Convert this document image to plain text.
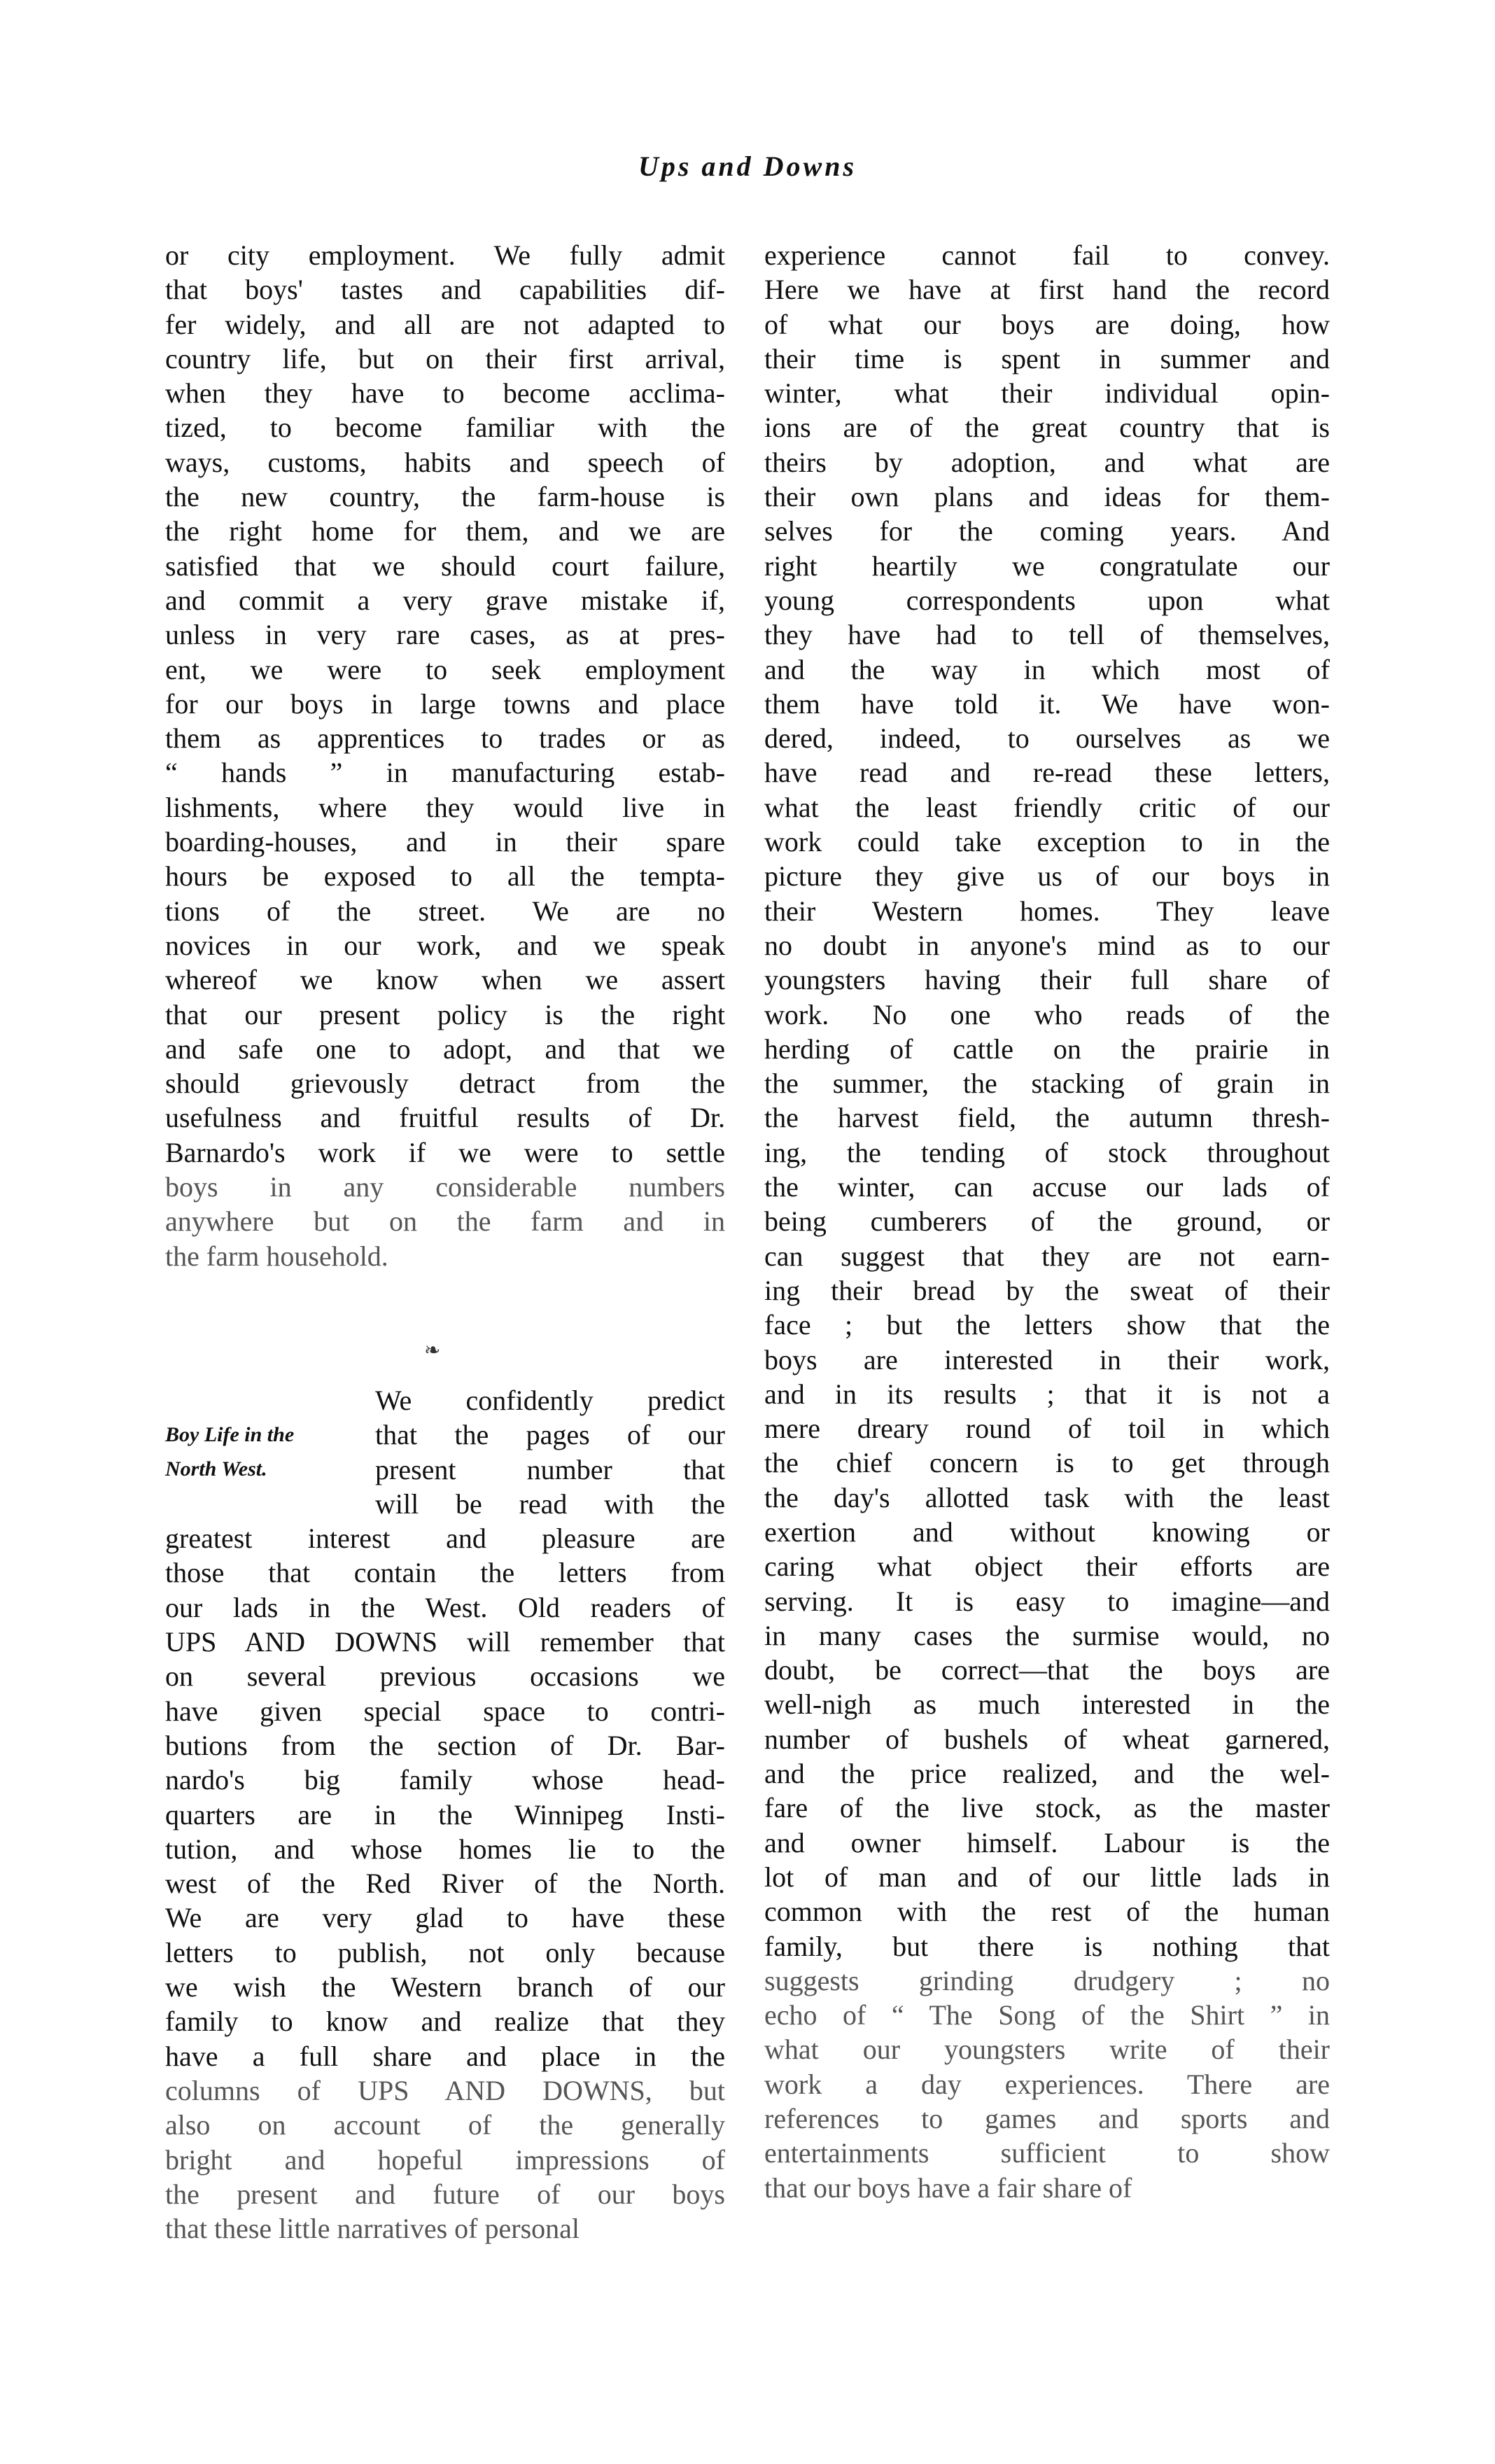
Ups and Downs
or city employment. We fully admit
that boys' tastes and capabilities dif-
fer widely, and all are not adapted to
country life, but on their first arrival,
when they have to become acclima-
tized, to become familiar with the
ways, customs, habits and speech of
the new country, the farm-house is
the right home for them, and we are
satisfied that we should court failure,
and commit a very grave mistake if,
unless in very rare cases, as at pres-
ent, we were to seek employment
for our boys in large towns and place
them as apprentices to trades or as
“ hands ” in manufacturing estab-
lishments, where they would live in
boarding-houses, and in their spare
hours be exposed to all the tempta-
tions of the street. We are no
novices in our work, and we speak
whereof we know when we assert
that our present policy is the right
and safe one to adopt, and that we
should grievously detract from the
usefulness and fruitful results of Dr.
Barnardo's work if we were to settle
boys in any considerable numbers
anywhere but on the farm and in
the farm household.
❧
Boy Life in the
North West.
We confidently predict
that the pages of our
present number that
will be read with the
greatest interest and pleasure are
those that contain the letters from
our lads in the West. Old readers of
UPS AND DOWNS will remember that
on several previous occasions we
have given special space to contri-
butions from the section of Dr. Bar-
nardo's big family whose head-
quarters are in the Winnipeg Insti-
tution, and whose homes lie to the
west of the Red River of the North.
We are very glad to have these
letters to publish, not only because
we wish the Western branch of our
family to know and realize that they
have a full share and place in the
columns of UPS AND DOWNS, but
also on account of the generally
bright and hopeful impressions of
the present and future of our boys
that these little narratives of personal
experience cannot fail to convey.
Here we have at first hand the record
of what our boys are doing, how
their time is spent in summer and
winter, what their individual opin-
ions are of the great country that is
theirs by adoption, and what are
their own plans and ideas for them-
selves for the coming years. And
right heartily we congratulate our
young correspondents upon what
they have had to tell of themselves,
and the way in which most of
them have told it. We have won-
dered, indeed, to ourselves as we
have read and re-read these letters,
what the least friendly critic of our
work could take exception to in the
picture they give us of our boys in
their Western homes. They leave
no doubt in anyone's mind as to our
youngsters having their full share of
work. No one who reads of the
herding of cattle on the prairie in
the summer, the stacking of grain in
the harvest field, the autumn thresh-
ing, the tending of stock throughout
the winter, can accuse our lads of
being cumberers of the ground, or
can suggest that they are not earn-
ing their bread by the sweat of their
face ; but the letters show that the
boys are interested in their work,
and in its results ; that it is not a
mere dreary round of toil in which
the chief concern is to get through
the day's allotted task with the least
exertion and without knowing or
caring what object their efforts are
serving. It is easy to imagine—and
in many cases the surmise would, no
doubt, be correct—that the boys are
well-nigh as much interested in the
number of bushels of wheat garnered,
and the price realized, and the wel-
fare of the live stock, as the master
and owner himself. Labour is the
lot of man and of our little lads in
common with the rest of the human
family, but there is nothing that
suggests grinding drudgery ; no
echo of “ The Song of the Shirt ” in
what our youngsters write of their
work a day experiences. There are
references to games and sports and
entertainments sufficient to show
that our boys have a fair share of
